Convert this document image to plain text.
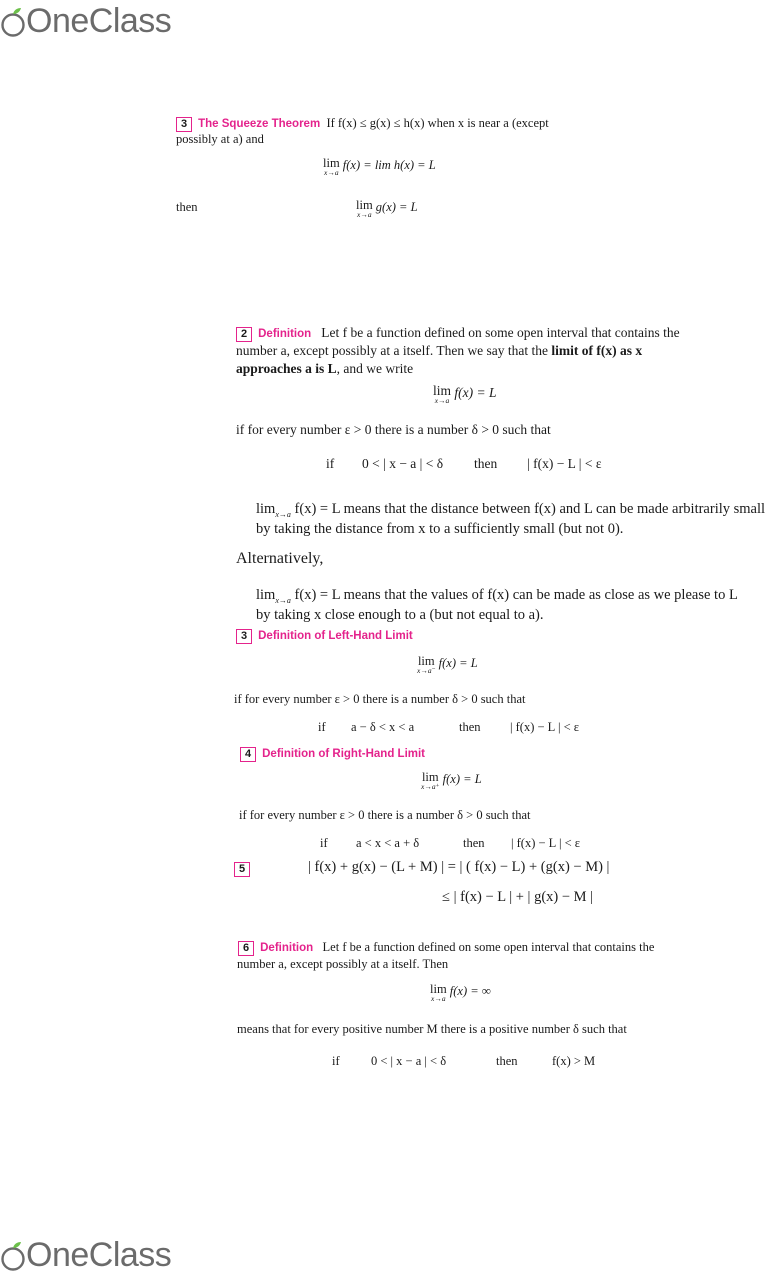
OneClass
3 The Squeeze Theorem If f(x) ≤ g(x) ≤ h(x) when x is near a (except
possibly at a) and
lim
x→a
f(x) = lim h(x) = L
then	lim
x→a
g(x) = L
2 Definition Let f be a function defined on some open interval that contains the
number a, except possibly at a itself. Then we say that the limit of f(x) as x
approaches a is L, and we write
lim
x→a
f(x) = L
if for every number ε > 0 there is a number δ > 0 such that
if 0 < | x − a | < δ then | f(x) − L | < ε
$\lim_{x\to a} f(x) = L$ means that the distance between f(x) and L can be made arbitrarily small
by taking the distance from x to a sufficiently small (but not 0).
Alternatively,
$\lim_{x\to a} f(x) = L$ means that the values of f(x) can be made as close as we please to L
by taking x close enough to a (but not equal to a).
3 Definition of Left-Hand Limit
lim
x→a⁻
f(x) = L
if for every number ε > 0 there is a number δ > 0 such that
if a − δ < x < a	then | f(x) − L | < ε
4 Definition of Right-Hand Limit
lim
x→a⁺
f(x) = L
if for every number ε > 0 there is a number δ > 0 such that
if a < x < a + δ	then | f(x) − L | < ε
5	| f(x) + g(x) − (L + M) | = | ( f(x) − L) + (g(x) − M) |
≤ | f(x) − L | + | g(x) − M |
6 Definition Let f be a function defined on some open interval that contains the
number a, except possibly at a itself. Then
lim
x→a
f(x) = ∞
means that for every positive number M there is a positive number δ such that
if	0 < | x − a | < δ	then	f(x) > M
OneClass
